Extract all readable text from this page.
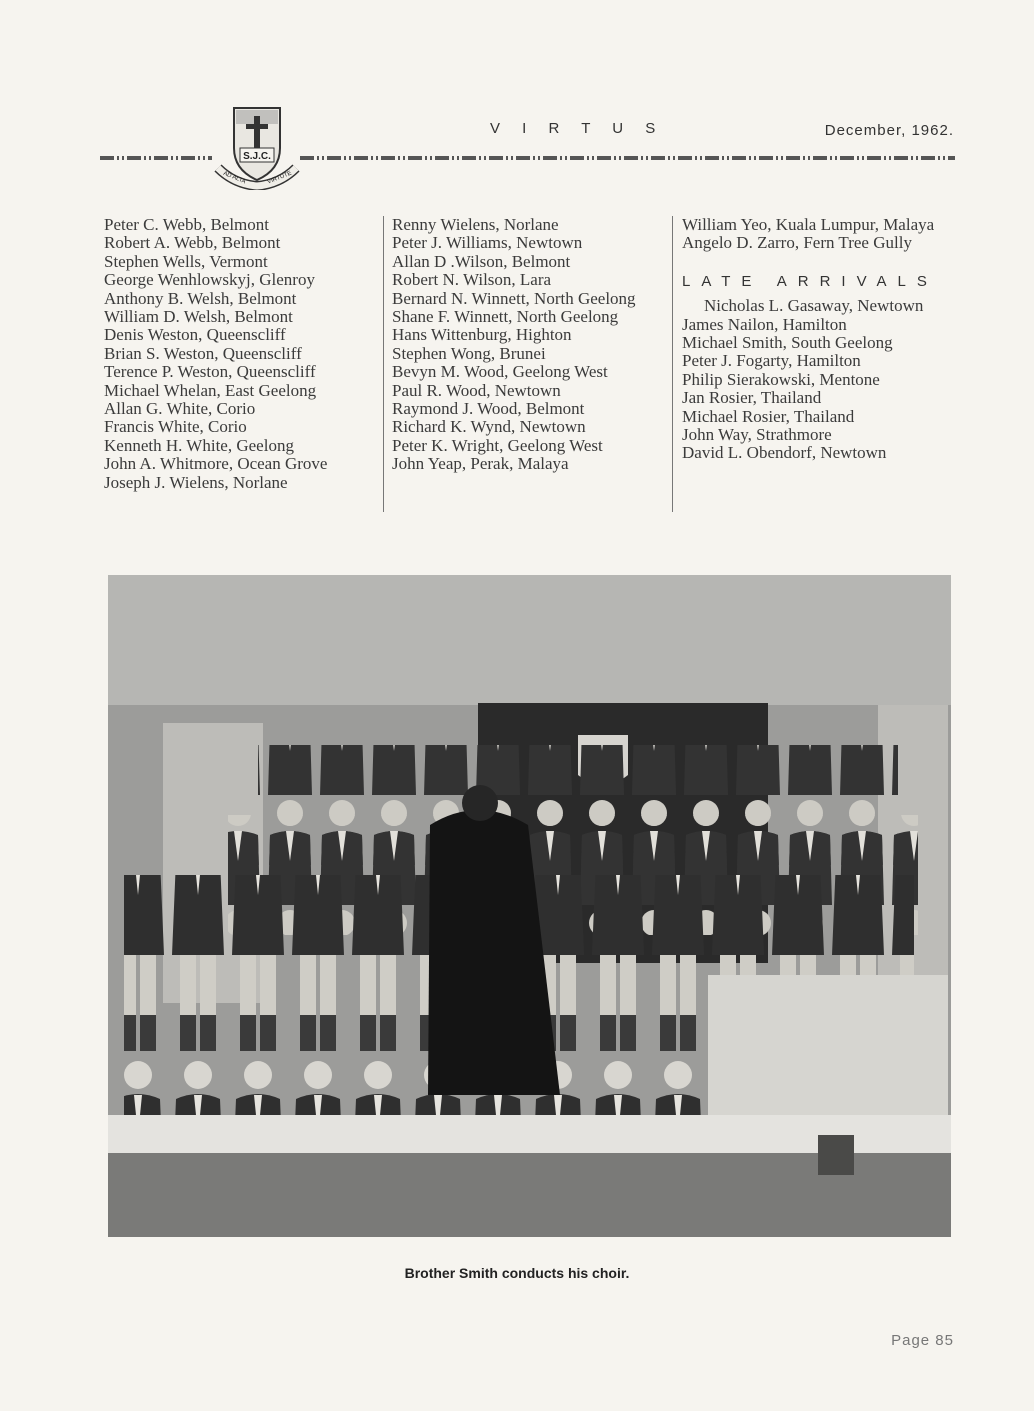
S.J.C.
AD ALTA	VIRTUTE
V I R T U S	December, 1962.
Peter C. Webb, Belmont
Robert A. Webb, Belmont
Stephen Wells, Vermont
George Wenhlowskyj, Glenroy
Anthony B. Welsh, Belmont
William D. Welsh, Belmont
Denis Weston, Queenscliff
Brian S. Weston, Queenscliff
Terence P. Weston, Queenscliff
Michael Whelan, East Geelong
Allan G. White, Corio
Francis White, Corio
Kenneth H. White, Geelong
John A. Whitmore, Ocean Grove
Joseph J. Wielens, Norlane
Renny Wielens, Norlane
Peter J. Williams, Newtown
Allan D .Wilson, Belmont
Robert N. Wilson, Lara
Bernard N. Winnett, North Geelong
Shane F. Winnett, North Geelong
Hans Wittenburg, Highton
Stephen Wong, Brunei
Bevyn M. Wood, Geelong West
Paul R. Wood, Newtown
Raymond J. Wood, Belmont
Richard K. Wynd, Newtown
Peter K. Wright, Geelong West
John Yeap, Perak, Malaya
William Yeo, Kuala Lumpur, Malaya
Angelo D. Zarro, Fern Tree Gully
LATE ARRIVALS
Nicholas L. Gasaway, Newtown
James Nailon, Hamilton
Michael Smith, South Geelong
Peter J. Fogarty, Hamilton
Philip Sierakowski, Mentone
Jan Rosier, Thailand
Michael Rosier, Thailand
John Way, Strathmore
David L. Obendorf, Newtown
Brother Smith conducts his choir.
Page 85
